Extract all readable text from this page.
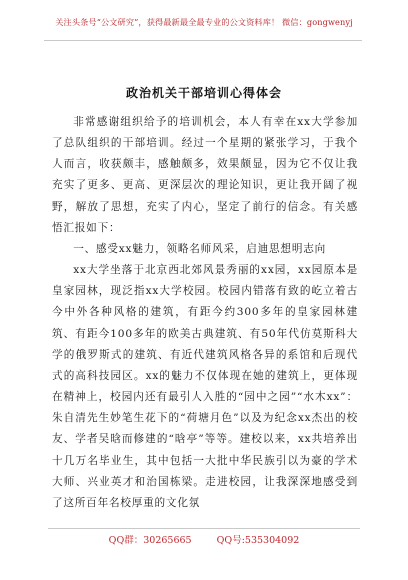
关注头条号“公文研究”，获得最新最全最专业的公文资料库！ 微信：gongwenyj
政治机关干部培训心得体会

非常感谢组织给予的培训机会，本人有幸在xx大学参加了总队组织的干部培训。经过一个星期的紧张学习，于我个人而言，收获颇丰，感触颇多，效果颇显，因为它不仅让我充实了更多、更高、更深层次的理论知识，更让我开阔了视野，解放了思想，充实了内心，坚定了前行的信念。有关感悟汇报如下：

一、感受xx魅力，领略名师风采，启迪思想明志向

xx大学坐落于北京西北郊风景秀丽的xx园，xx园原本是皇家园林，现泛指xx大学校园。校园内错落有致的屹立着古今中外各种风格的建筑，有距今约300多年的皇家园林建筑、有距今100多年的欧美古典建筑、有50年代仿莫斯科大学的俄罗斯式的建筑、有近代建筑风格各异的系馆和后现代式的高科技园区。xx的魅力不仅体现在她的建筑上，更体现在精神上，校园内还有最引人入胜的“园中之园”“水木xx”：朱自清先生妙笔生花下的“荷塘月色”以及为纪念xx杰出的校友、学者吴晗而修建的“晗亭”等等。建校以来，xx共培养出十几万名毕业生，其中包括一大批中华民族引以为豪的学术大师、兴业英才和治国栋梁。走进校园，让我深深地感受到了这所百年名校厚重的文化氛

QQ群：30265665	QQ号:535304092
